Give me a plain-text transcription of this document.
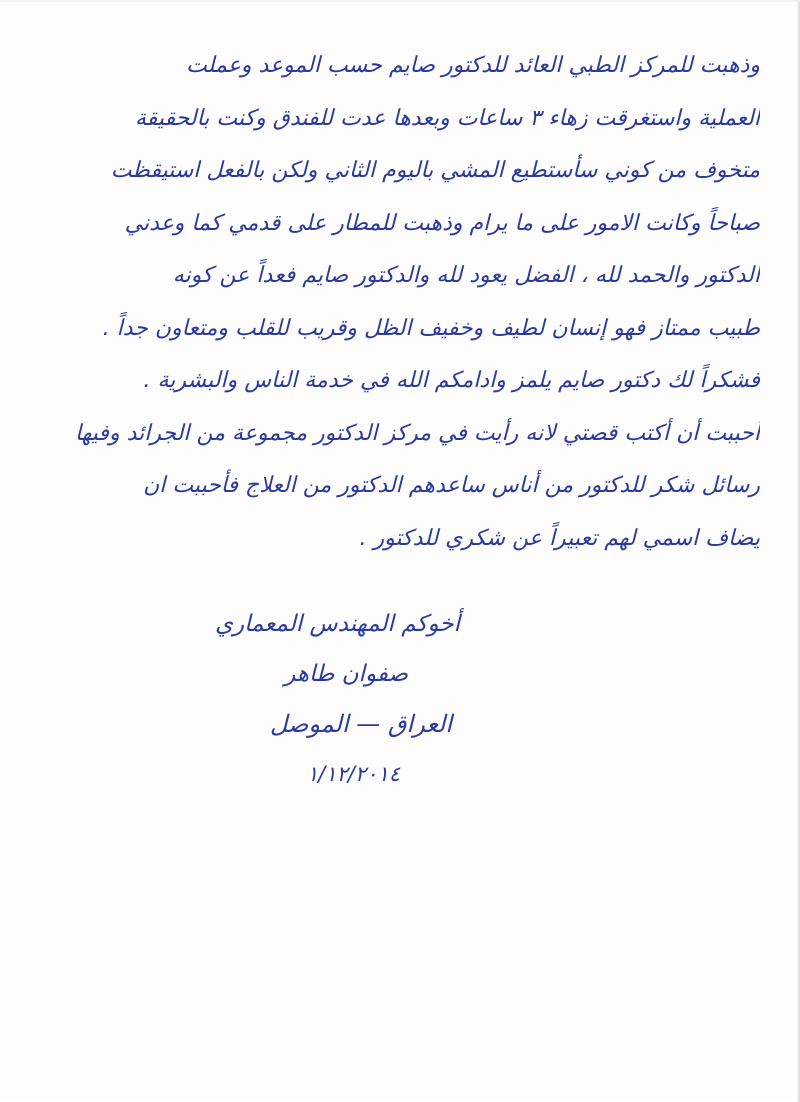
وذهبت للمركز الطبي العائد للدكتور صايم حسب الموعد وعملت
العملية واستغرقت زهاء ٣ ساعات وبعدها عدت للفندق وكنت بالحقيقة
متخوف من كوني سأستطيع المشي باليوم الثاني ولكن بالفعل استيقظت
صباحاً وكانت الامور على ما يرام وذهبت للمطار على قدمي كما وعدني
الدكتور والحمد لله ، الفضل يعود لله والدكتور صايم فعداً عن كونه
طبيب ممتاز فهو إنسان لطيف وخفيف الظل وقريب للقلب ومتعاون جداً .
فشكراً لك دكتور صايم يلمز وادامكم الله في خدمة الناس والبشرية .
أحببت أن أكتب قصتي لانه رأيت في مركز الدكتور مجموعة من الجرائد وفيها
رسائل شكر للدكتور من أناس ساعدهم الدكتور من العلاج فأحببت ان
يضاف اسمي لهم تعبيراً عن شكري للدكتور .
أخوكم المهندس المعماري
صفوان طاهر
العراق — الموصل
١/١٢/٢٠١٤
